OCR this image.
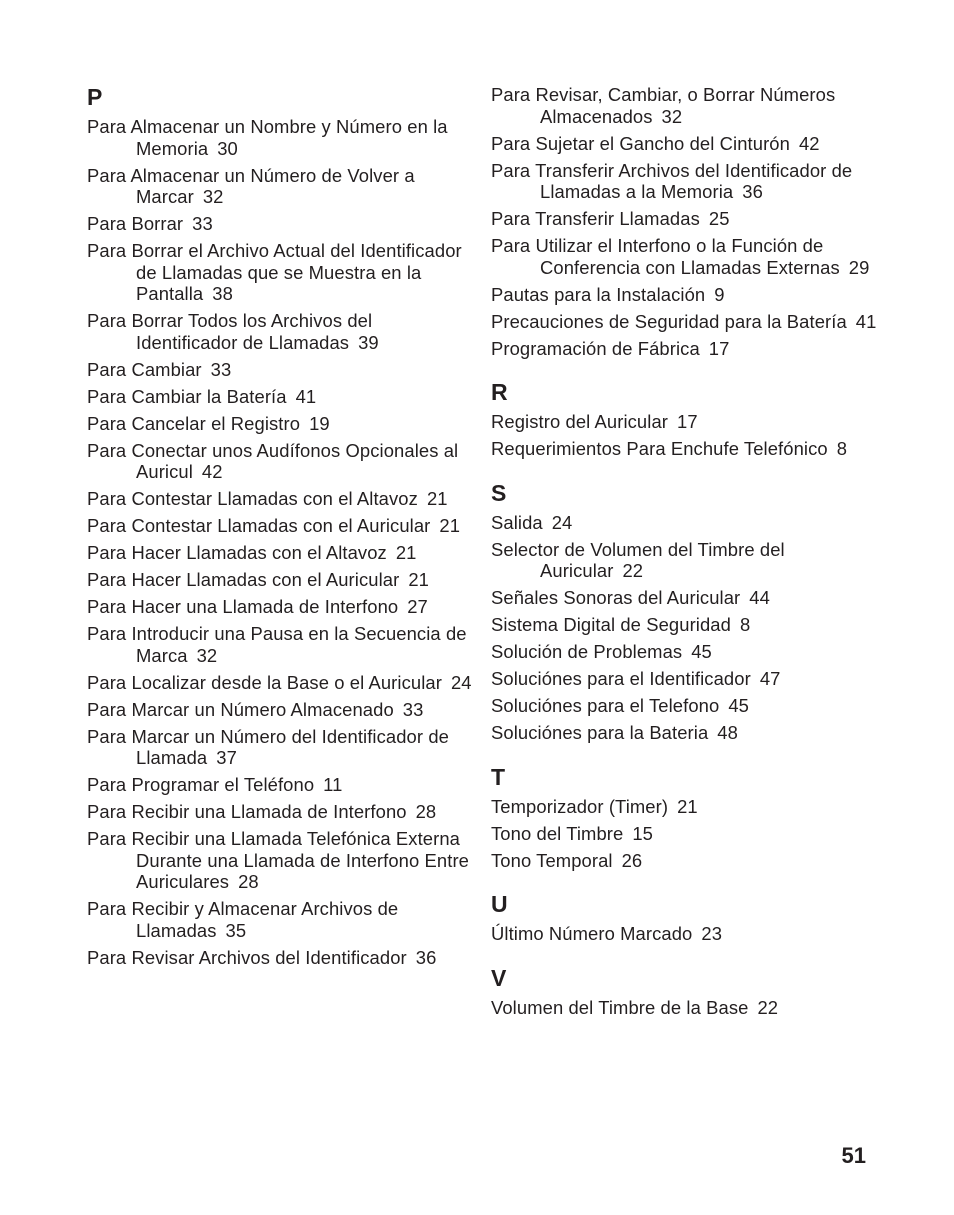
P
Para Almacenar un Nombre y Número en la Memoria 30
Para Almacenar un Número de Volver a Marcar 32
Para Borrar 33
Para Borrar el Archivo Actual del Identificador de Llamadas que se Muestra en la Pantalla 38
Para Borrar Todos los Archivos del Identificador de Llamadas 39
Para Cambiar 33
Para Cambiar la Batería 41
Para Cancelar el Registro 19
Para Conectar unos Audífonos Opcionales al Auricul 42
Para Contestar Llamadas con el Altavoz 21
Para Contestar Llamadas con el Auricular 21
Para Hacer Llamadas con el Altavoz 21
Para Hacer Llamadas con el Auricular 21
Para Hacer una Llamada de Interfono 27
Para Introducir una Pausa en la Secuencia de Marca 32
Para Localizar desde la Base o el Auricular 24
Para Marcar un Número Almacenado 33
Para Marcar un Número del Identificador de Llamada 37
Para Programar el Teléfono 11
Para Recibir una Llamada de Interfono 28
Para Recibir una Llamada Telefónica Externa Durante una Llamada de Interfono Entre Auriculares 28
Para Recibir y Almacenar Archivos de Llamadas 35
Para Revisar Archivos del Identificador 36
Para Revisar, Cambiar, o Borrar Números Almacenados 32
Para Sujetar el Gancho del Cinturón 42
Para Transferir Archivos del Identificador de Llamadas a la Memoria 36
Para Transferir Llamadas 25
Para Utilizar el Interfono o la Función de Conferencia con Llamadas Externas 29
Pautas para la Instalación 9
Precauciones de Seguridad para la Batería 41
Programación de Fábrica 17
R
Registro del Auricular 17
Requerimientos Para Enchufe Telefónico 8
S
Salida 24
Selector de Volumen del Timbre del Auricular 22
Señales Sonoras del Auricular 44
Sistema Digital de Seguridad 8
Solución de Problemas 45
Soluciónes para el Identificador 47
Soluciónes para el Telefono 45
Soluciónes para la Bateria 48
T
Temporizador (Timer) 21
Tono del Timbre 15
Tono Temporal 26
U
Último Número Marcado 23
V
Volumen del Timbre de la Base 22
51
